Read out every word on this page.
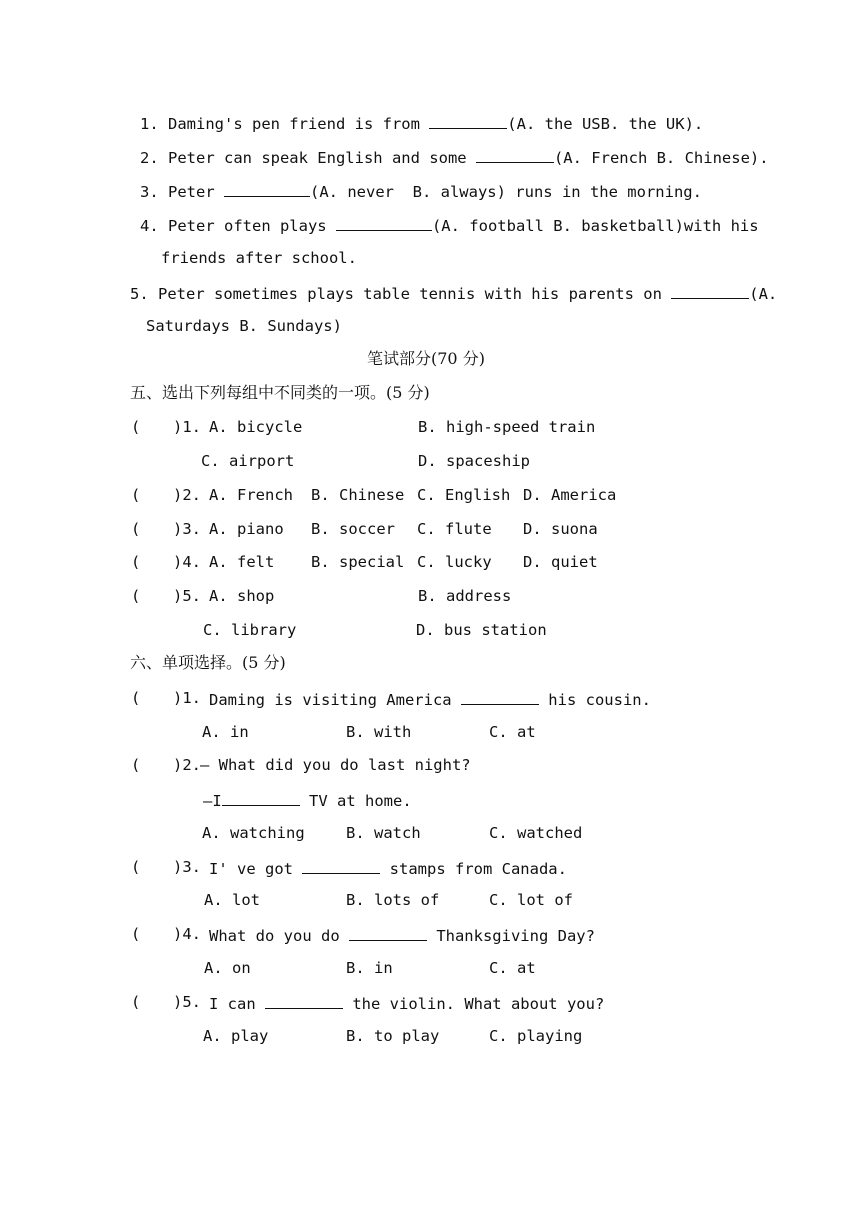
1. Daming's pen friend is from	(A. the USB. the UK).
2. Peter can speak English and some	(A. French B. Chinese).
3. Peter	(A. never  B. always) runs in the morning.
4. Peter often plays	(A. football B. basketball)with his
friends after school.
5. Peter sometimes plays table tennis with his parents on	(A.
Saturdays B. Sundays)
笔试部分(70 分)
五、选出下列每组中不同类的一项。(5 分)
( )1. A. bicycle	B. high-speed train
C. airport	D. spaceship
( )2. A. French B. Chinese C. English D. America
( )3. A. piano B. soccer C. flute D. suona
( )4. A. felt B. special C. lucky D. quiet
( )5. A. shop	B. address
C. library	D. bus station
六、单项选择。(5 分)
( )1. Daming is visiting America	his cousin.
A. in	B. with	C. at
( )2. — What did you do last night?
—I	TV at home.
A. watching	B. watch	C. watched
( )3. I' ve got	stamps from Canada.
A. lot	B. lots of	C. lot of
( )4. What do you do	Thanksgiving Day?
A. on	B. in	C. at
( )5. I can	the violin. What about you?
A. play	B. to play	C. playing
